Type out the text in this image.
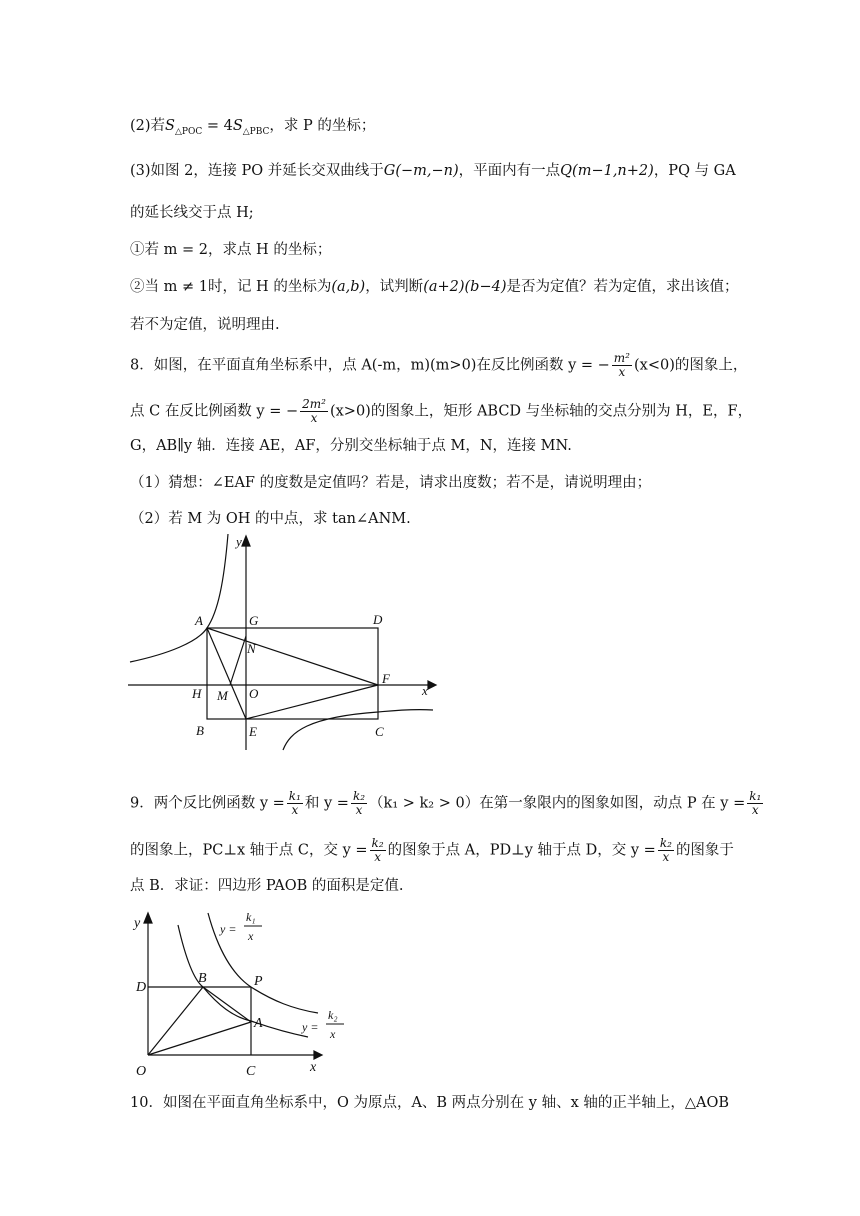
(2)若$S_{\triangle POC} = 4S_{\triangle PBC}$，求 P 的坐标；
(3)如图 2，连接 PO 并延长交双曲线于G(−m,−n)，平面内有一点Q(m−1,n+2)，PQ 与 GA
的延长线交于点 H;
①若 m = 2，求点 H 的坐标；
②当 m ≠ 1时，记 H 的坐标为(a,b)，试判断(a+2)(b−4)是否为定值？若为定值，求出该值；
若不为定值，说明理由.
8．如图，在平面直角坐标系中，点 A(-m，m)(m>0)在反比例函数 y = − $\frac{\text{m²}}{x} (x<0)$的图象上，
点 C 在反比例函数 y = − $\frac{\text{2m²}}{x} (x>0)$的图象上，矩形 ABCD 与坐标轴的交点分别为 H，E，F，
G，AB∥y 轴．连接 AE，AF，分别交坐标轴于点 M，N，连接 MN.
（1）猜想：∠EAF 的度数是定值吗？若是，请求出度数；若不是，请说明理由；
（2）若 M 为 OH 的中点，求 tan∠ANM.
y
x
A	G	D
N
F
H M O
B	E	C
9．两个反比例函数 $y = \frac{\text{k₁}}{x}$ 和 $y = \frac{\text{k₂}}{x} (k_1 > k_2 > 0)$在第一象限内的图象如图，动点 P 在 $y = \frac{\text{k₁}}{x}$
的图象上，PC⊥x 轴于点 C，交 $y = \frac{\text{k₂}}{x}$ 的图象于点 A，PD⊥y 轴于点 D，交 $y = \frac{\text{k₂}}{x}$ 的图象于
点 B．求证：四边形 PAOB 的面积是定值.
y
x
D
B	P
A
O	C
y =
k₁
x
y =
k₂
x
10．如图在平面直角坐标系中，O 为原点，A、B 两点分别在 y 轴、x 轴的正半轴上，△AOB
